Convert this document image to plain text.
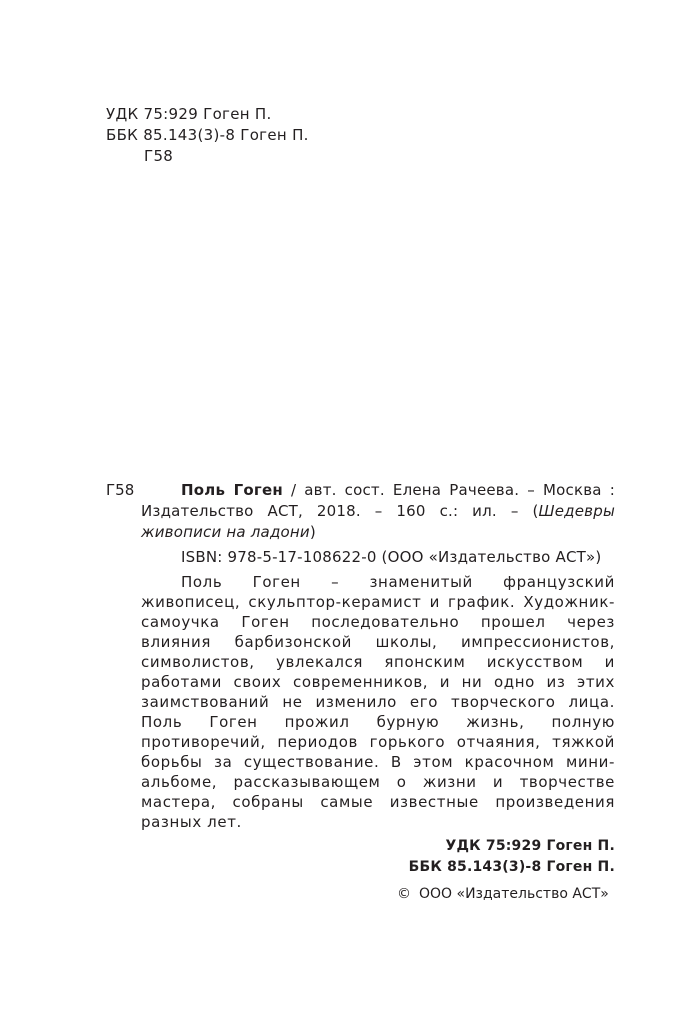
УДК 75:929 Гоген П.
ББК 85.143(3)-8 Гоген П.
Г58
Г58	Поль Гоген / авт. сост. Елена Рачеева. – Москва : Издательство АСТ, 2018. – 160 с.: ил. – (Шедевры живописи на ладони)

ISBN: 978-5-17-108622-0 (ООО «Издательство АСТ»)

Поль Гоген – знаменитый французский живописец, скульптор-керамист и график. Художник-самоучка Гоген последовательно прошел через влияния барбизонской школы, импрессионистов, символистов, увлекался японским искусством и работами своих современников, и ни одно из этих заимствований не изменило его творческого лица. Поль Гоген прожил бурную жизнь, полную противоречий, периодов горького отчаяния, тяжкой борьбы за существование. В этом красочном мини-альбоме, рассказывающем о жизни и творчестве мастера, собраны самые известные произведения разных лет.

УДК 75:929 Гоген П.
ББК 85.143(3)-8 Гоген П.
© ООО «Издательство АСТ»
